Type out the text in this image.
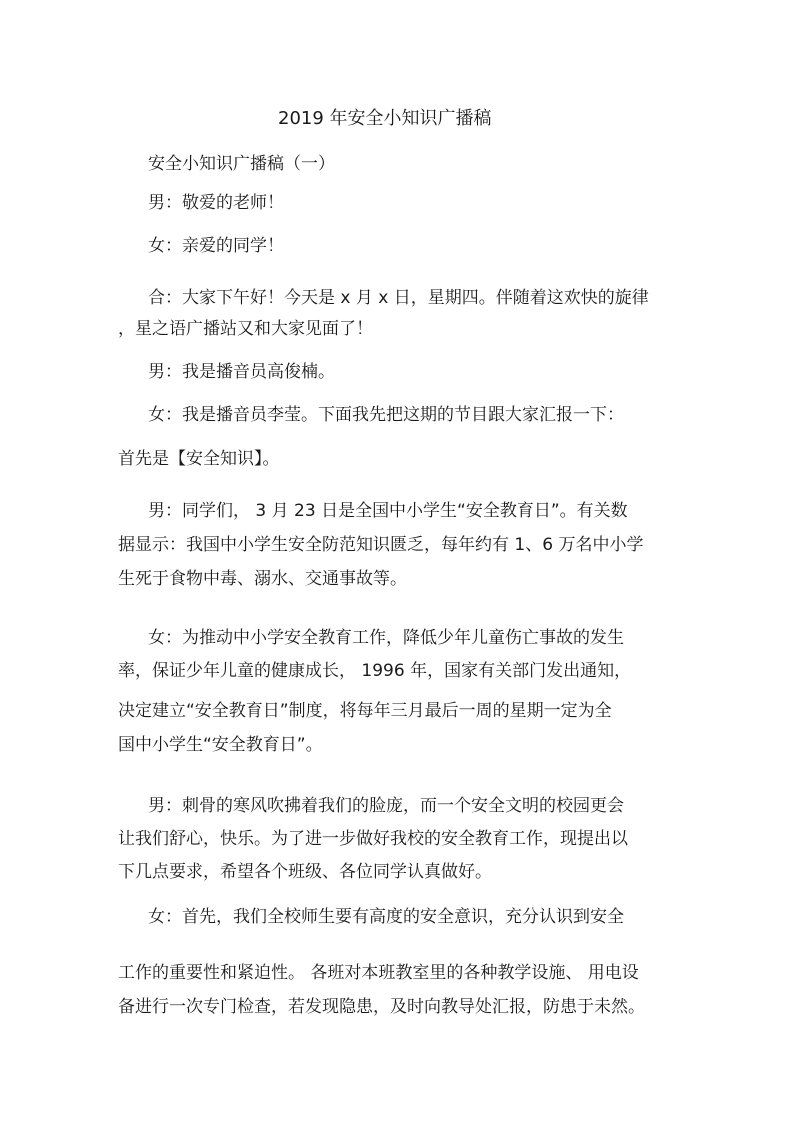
2019 年安全小知识广播稿

安全小知识广播稿（一）

男：敬爱的老师！

女：亲爱的同学！

合：大家下午好！今天是 x 月 x 日，星期四。伴随着这欢快的旋律

，星之语广播站又和大家见面了！

男：我是播音员高俊楠。

女：我是播音员李莹。下面我先把这期的节目跟大家汇报一下：

首先是【安全知识】。

男：同学们， 3 月 23 日是全国中小学生“安全教育日”。有关数

据显示：我国中小学生安全防范知识匮乏，每年约有 1、6 万名中小学

生死于食物中毒、溺水、交通事故等。

女：为推动中小学安全教育工作，降低少年儿童伤亡事故的发生

率，保证少年儿童的健康成长， 1996 年，国家有关部门发出通知，

决定建立“安全教育日”制度，将每年三月最后一周的星期一定为全

国中小学生“安全教育日”。

男：刺骨的寒风吹拂着我们的脸庞，而一个安全文明的校园更会

让我们舒心，快乐。为了进一步做好我校的安全教育工作，现提出以

下几点要求，希望各个班级、各位同学认真做好。

女：首先，我们全校师生要有高度的安全意识，充分认识到安全

工作的重要性和紧迫性。 各班对本班教室里的各种教学设施、 用电设

备进行一次专门检查，若发现隐患，及时向教导处汇报，防患于未然。
